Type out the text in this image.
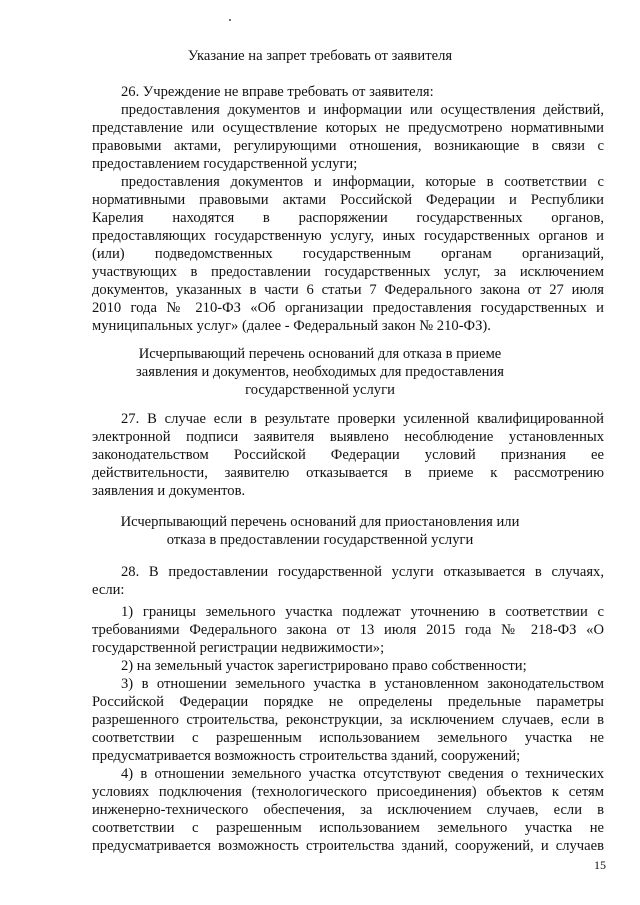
Указание на запрет требовать от заявителя
26. Учреждение не вправе требовать от заявителя:
предоставления документов и информации или осуществления действий,
представление или осуществление которых не предусмотрено нормативными
правовыми актами, регулирующими отношения, возникающие в связи с
предоставлением государственной услуги;
предоставления документов и информации, которые в соответствии с
нормативными правовыми актами Российской Федерации и Республики
Карелия находятся в распоряжении государственных органов,
предоставляющих государственную услугу, иных государственных органов и
(или) подведомственных государственным органам организаций,
участвующих в предоставлении государственных услуг, за исключением
документов, указанных в части 6 статьи 7 Федерального закона от 27 июля
2010 года № 210-ФЗ «Об организации предоставления государственных и
муниципальных услуг» (далее - Федеральный закон № 210-ФЗ).
Исчерпывающий перечень оснований для отказа в приеме
заявления и документов, необходимых для предоставления
государственной услуги
27. В случае если в результате проверки усиленной квалифицированной
электронной подписи заявителя выявлено несоблюдение установленных
законодательством Российской Федерации условий признания ее
действительности, заявителю отказывается в приеме к рассмотрению
заявления и документов.
Исчерпывающий перечень оснований для приостановления или
отказа в предоставлении государственной услуги
28. В предоставлении государственной услуги отказывается в случаях,
если:
1) границы земельного участка подлежат уточнению в соответствии с
требованиями Федерального закона от 13 июля 2015 года № 218-ФЗ «О
государственной регистрации недвижимости»;
2) на земельный участок зарегистрировано право собственности;
3) в отношении земельного участка в установленном законодательством
Российской Федерации порядке не определены предельные параметры
разрешенного строительства, реконструкции, за исключением случаев, если в
соответствии с разрешенным использованием земельного участка не
предусматривается возможность строительства зданий, сооружений;
4) в отношении земельного участка отсутствуют сведения о технических
условиях подключения (технологического присоединения) объектов к сетям
инженерно-технического обеспечения, за исключением случаев, если в
соответствии с разрешенным использованием земельного участка не
предусматривается возможность строительства зданий, сооружений, и случаев
15
